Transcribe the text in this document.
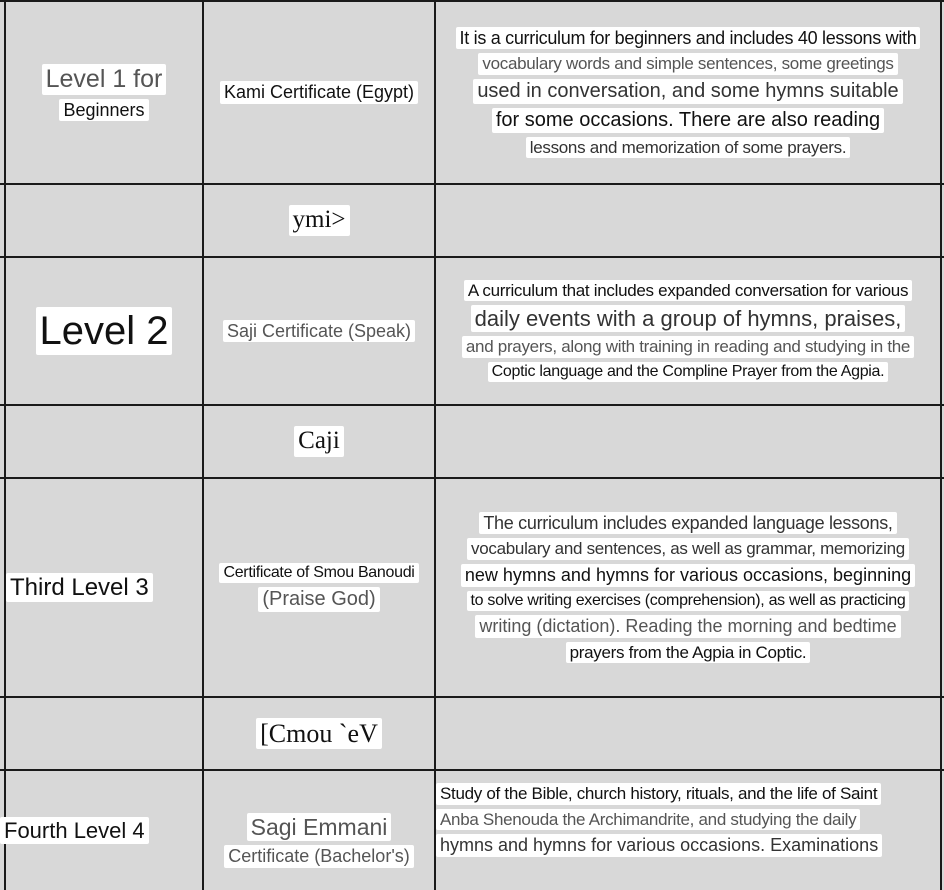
Level 1 for
Beginners
Kami Certificate (Egypt)
It is a curriculum for beginners and includes 40 lessons with
vocabulary words and simple sentences, some greetings
used in conversation, and some hymns suitable
for some occasions. There are also reading
lessons and memorization of some prayers.
ymi>
Level 2	Saji Certificate (Speak)
A curriculum that includes expanded conversation for various
daily events with a group of hymns, praises,
and prayers, along with training in reading and studying in the
Coptic language and the Compline Prayer from the Agpia.
Caji
Third Level 3
Certificate of Smou Banoudi
(Praise God)
The curriculum includes expanded language lessons,
vocabulary and sentences, as well as grammar, memorizing
new hymns and hymns for various occasions, beginning
to solve writing exercises (comprehension), as well as practicing
writing (dictation). Reading the morning and bedtime
prayers from the Agpia in Coptic.
[Cmou `eV
Fourth Level 4	Sagi Emmani
Certificate (Bachelor's)
Study of the Bible, church history, rituals, and the life of Saint
Anba Shenouda the Archimandrite, and studying the daily
hymns and hymns for various occasions. Examinations
